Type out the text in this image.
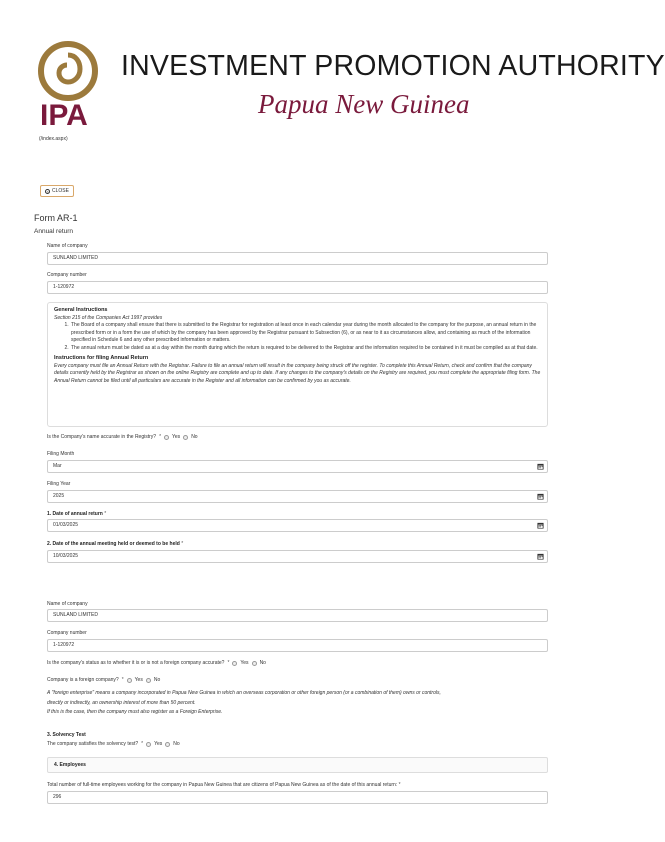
IPA
(/index.aspx)
INVESTMENT PROMOTION AUTHORITY
Papua New Guinea
× CLOSE
Form AR-1
Annual return
Name of company
SUNLAND LIMITED
Company number
1-120972
General Instructions
Section 215 of the Companies Act 1997 provides
1. The Board of a company shall ensure that there is submitted to the Registrar for registration at least once in each calendar year during the month allocated to the company for the purpose, an annual return in the prescribed form or in a form the use of which by the company has been approved by the Registrar pursuant to Subsection (6), or as near to it as circumstances allow, and containing as much of the information specified in Schedule 6 and any other prescribed information or matters.
2. The annual return must be dated as at a day within the month during which the return is required to be delivered to the Registrar and the information required to be contained in it must be compiled as at that date.
Instructions for filing Annual Return
Every company must file an Annual Return with the Registrar. Failure to file an annual return will result in the company being struck off the register. To complete this Annual Return, check and confirm that the company details currently held by the Registrar as shown on the online Registry are complete and up to date. If any changes to the company's details on the Registry are required, you must complete the appropriate filing form. The Annual Return cannot be filed until all particulars are accurate in the Register and all information can be confirmed by you as accurate.
Is the Company's name accurate in the Registry? * Yes No
Filing Month
Mar
Filing Year
2025
1. Date of annual return *
01/03/2025
2. Date of the annual meeting held or deemed to be held *
10/03/2025
Name of company
SUNLAND LIMITED
Company number
1-120972
Is the company's status as to whether it is or is not a foreign company accurate? * Yes No
Company is a foreign company? * Yes No
A "foreign enterprise" means a company incorporated in Papua New Guinea in which an overseas corporation or other foreign person (or a combination of them) owns or controls,
directly or indirectly, an ownership interest of more than 50 percent.
If this is the case, then the company must also register as a Foreign Enterprise.
3. Solvency Test
The company satisfies the solvency test? * Yes No
4. Employees
Total number of full-time employees working for the company in Papua New Guinea that are citizens of Papua New Guinea as of the date of this annual return: *
296
